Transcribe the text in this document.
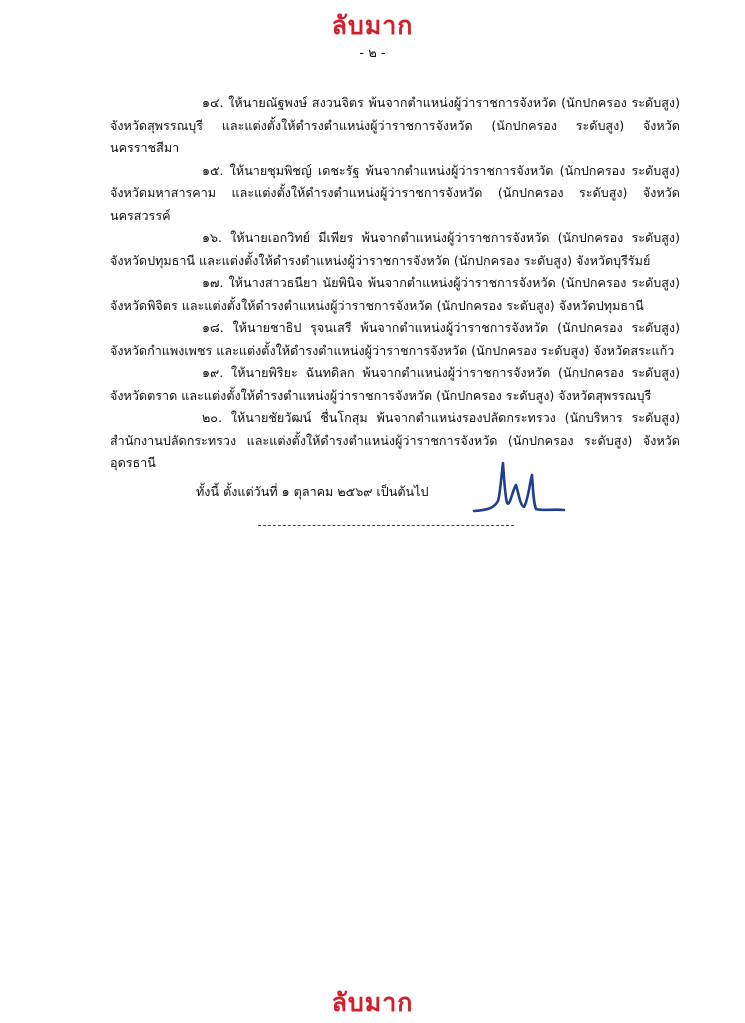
ลับมาก
- ๒ -

๑๔. ให้นายณัฐพงษ์ สงวนจิตร พ้นจากตำแหน่งผู้ว่าราชการจังหวัด (นักปกครอง ระดับสูง) จังหวัดสุพรรณบุรี และแต่งตั้งให้ดำรงตำแหน่งผู้ว่าราชการจังหวัด (นักปกครอง ระดับสูง) จังหวัดนครราชสีมา

๑๕. ให้นายชุมพิชญ์ เดชะรัฐ พ้นจากตำแหน่งผู้ว่าราชการจังหวัด (นักปกครอง ระดับสูง) จังหวัดมหาสารคาม และแต่งตั้งให้ดำรงตำแหน่งผู้ว่าราชการจังหวัด (นักปกครอง ระดับสูง) จังหวัดนครสวรรค์

๑๖. ให้นายเอกวิทย์ มีเพียร พ้นจากตำแหน่งผู้ว่าราชการจังหวัด (นักปกครอง ระดับสูง) จังหวัดปทุมธานี และแต่งตั้งให้ดำรงตำแหน่งผู้ว่าราชการจังหวัด (นักปกครอง ระดับสูง) จังหวัดบุรีรัมย์

๑๗. ให้นางสาวธนียา นัยพินิจ พ้นจากตำแหน่งผู้ว่าราชการจังหวัด (นักปกครอง ระดับสูง) จังหวัดพิจิตร และแต่งตั้งให้ดำรงตำแหน่งผู้ว่าราชการจังหวัด (นักปกครอง ระดับสูง) จังหวัดปทุมธานี

๑๘. ให้นายชาธิป รุจนเสรี พ้นจากตำแหน่งผู้ว่าราชการจังหวัด (นักปกครอง ระดับสูง) จังหวัดกำแพงเพชร และแต่งตั้งให้ดำรงตำแหน่งผู้ว่าราชการจังหวัด (นักปกครอง ระดับสูง) จังหวัดสระแก้ว

๑๙. ให้นายพิริยะ ฉันทดิลก พ้นจากตำแหน่งผู้ว่าราชการจังหวัด (นักปกครอง ระดับสูง) จังหวัดตราด และแต่งตั้งให้ดำรงตำแหน่งผู้ว่าราชการจังหวัด (นักปกครอง ระดับสูง) จังหวัดสุพรรณบุรี

๒๐. ให้นายชัยวัฒน์ ชื่นโกสุม พ้นจากตำแหน่งรองปลัดกระทรวง (นักบริหาร ระดับสูง) สำนักงานปลัดกระทรวง และแต่งตั้งให้ดำรงตำแหน่งผู้ว่าราชการจังหวัด (นักปกครอง ระดับสูง) จังหวัดอุดรธานี

ทั้งนี้ ตั้งแต่วันที่ ๑ ตุลาคม ๒๕๖๙ เป็นต้นไป
ลับมาก
